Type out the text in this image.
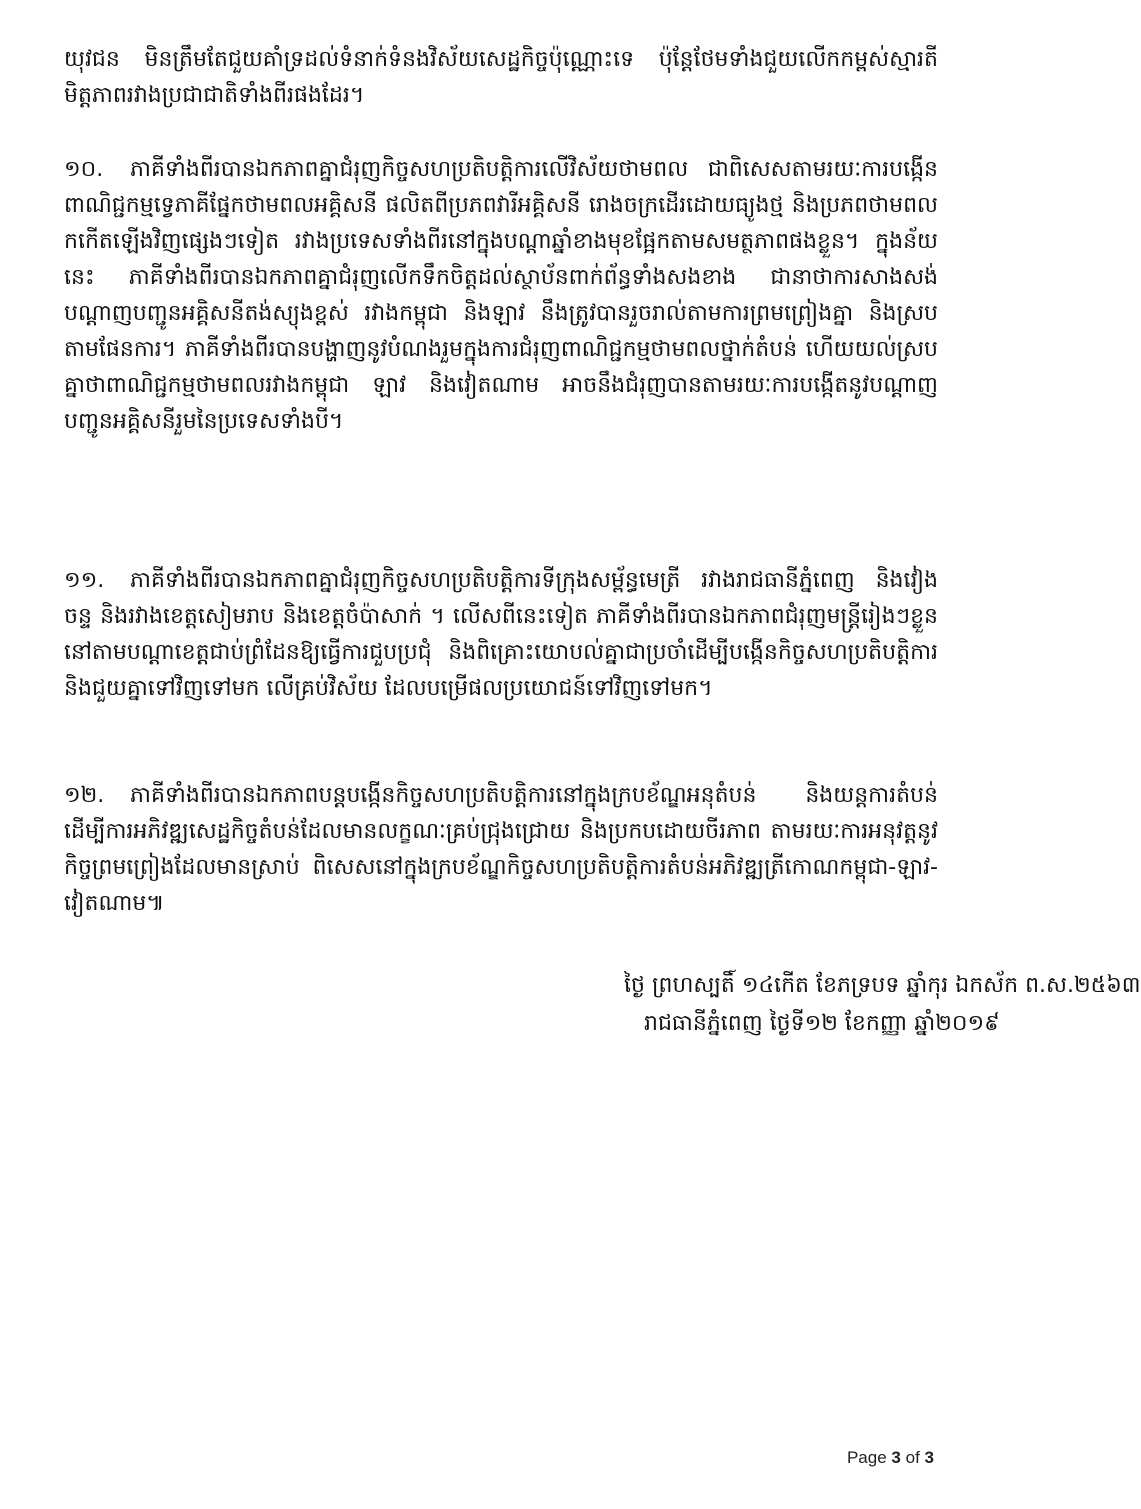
យុវជន មិនត្រឹមតែជួយគាំទ្រដល់ទំនាក់ទំនងវិស័យសេដ្ឋកិច្ចប៉ុណ្ណោះទេ ប៉ុន្តែថែមទាំងជួយលើកកម្ពស់ស្មារតីមិត្តភាពរវាងប្រជាជាតិទាំងពីរផងដែរ។

១០. ភាគីទាំងពីរបានឯកភាពគ្នាជំរុញកិច្ចសហប្រតិបត្តិការលើវិស័យថាមពល ជាពិសេសតាមរយៈការបង្កើនពាណិជ្ជកម្មទ្វេភាគីផ្នែកថាមពលអគ្គិសនី ផលិតពីប្រភពវារីអគ្គិសនី រោងចក្រដើរដោយធ្យូងថ្ម និងប្រភពថាមពលកកើតឡើងវិញផ្សេងៗទៀត រវាងប្រទេសទាំងពីរនៅក្នុងបណ្តាឆ្នាំខាងមុខផ្អែកតាមសមត្ថភាពផងខ្លួន។ ក្នុងន័យនេះ ភាគីទាំងពីរបានឯកភាពគ្នាជំរុញលើកទឹកចិត្តដល់ស្ថាប័នពាក់ព័ន្ធទាំងសងខាង ជានាថាការសាងសង់បណ្តាញបញ្ជូនអគ្គិសនីតង់ស្យុងខ្ពស់ រវាងកម្ពុជា និងឡាវ នឹងត្រូវបានរួចរាល់តាមការព្រមព្រៀងគ្នា និងស្របតាមផែនការ។ ភាគីទាំងពីរបានបង្ហាញនូវបំណងរួមក្នុងការជំរុញពាណិជ្ជកម្មថាមពលថ្នាក់តំបន់ ហើយយល់ស្របគ្នាថាពាណិជ្ជកម្មថាមពលរវាងកម្ពុជា ឡាវ និងវៀតណាម អាចនឹងជំរុញបានតាមរយៈការបង្កើតនូវបណ្តាញបញ្ជូនអគ្គិសនីរួមនៃប្រទេសទាំងបី។

១១. ភាគីទាំងពីរបានឯកភាពគ្នាជំរុញកិច្ចសហប្រតិបត្តិការទីក្រុងសម្ព័ន្ធមេត្រី រវាងរាជធានីភ្នំពេញ និងវៀងចន្ទ និងរវាងខេត្តសៀមរាប និងខេត្តចំប៉ាសាក់ ។ លើសពីនេះទៀត ភាគីទាំងពីរបានឯកភាពជំរុញមន្ត្រីរៀងៗខ្លួន នៅតាមបណ្តាខេត្តជាប់ព្រំដែនឱ្យធ្វើការជួបប្រជុំ និងពិគ្រោះយោបល់គ្នាជាប្រចាំដើម្បីបង្កើនកិច្ចសហប្រតិបត្តិការ និងជួយគ្នាទៅវិញទៅមក លើគ្រប់វិស័យ ដែលបម្រើផលប្រយោជន៍ទៅវិញទៅមក។

១២. ភាគីទាំងពីរបានឯកភាពបន្តបង្កើនកិច្ចសហប្រតិបត្តិការនៅក្នុងក្របខ័ណ្ឌអនុតំបន់ និងយន្តការតំបន់ ដើម្បីការអភិវឌ្ឍសេដ្ឋកិច្ចតំបន់ដែលមានលក្ខណៈគ្រប់ជ្រុងជ្រោយ និងប្រកបដោយចីរភាព តាមរយៈការអនុវត្តនូវកិច្ចព្រមព្រៀងដែលមានស្រាប់ ពិសេសនៅក្នុងក្របខ័ណ្ឌកិច្ចសហប្រតិបត្តិការតំបន់អភិវឌ្ឍត្រីកោណកម្ពុជា-ឡាវ-វៀតណាម៕

ថ្ងៃ ព្រហស្បតិ៍ ១៤កើត ខែភទ្របទ ឆ្នាំកុរ ឯកស័ក ព.ស.២៥៦៣
រាជធានីភ្នំពេញ ថ្ងៃទី១២ ខែកញ្ញា ឆ្នាំ២០១៩
Page 3 of 3
